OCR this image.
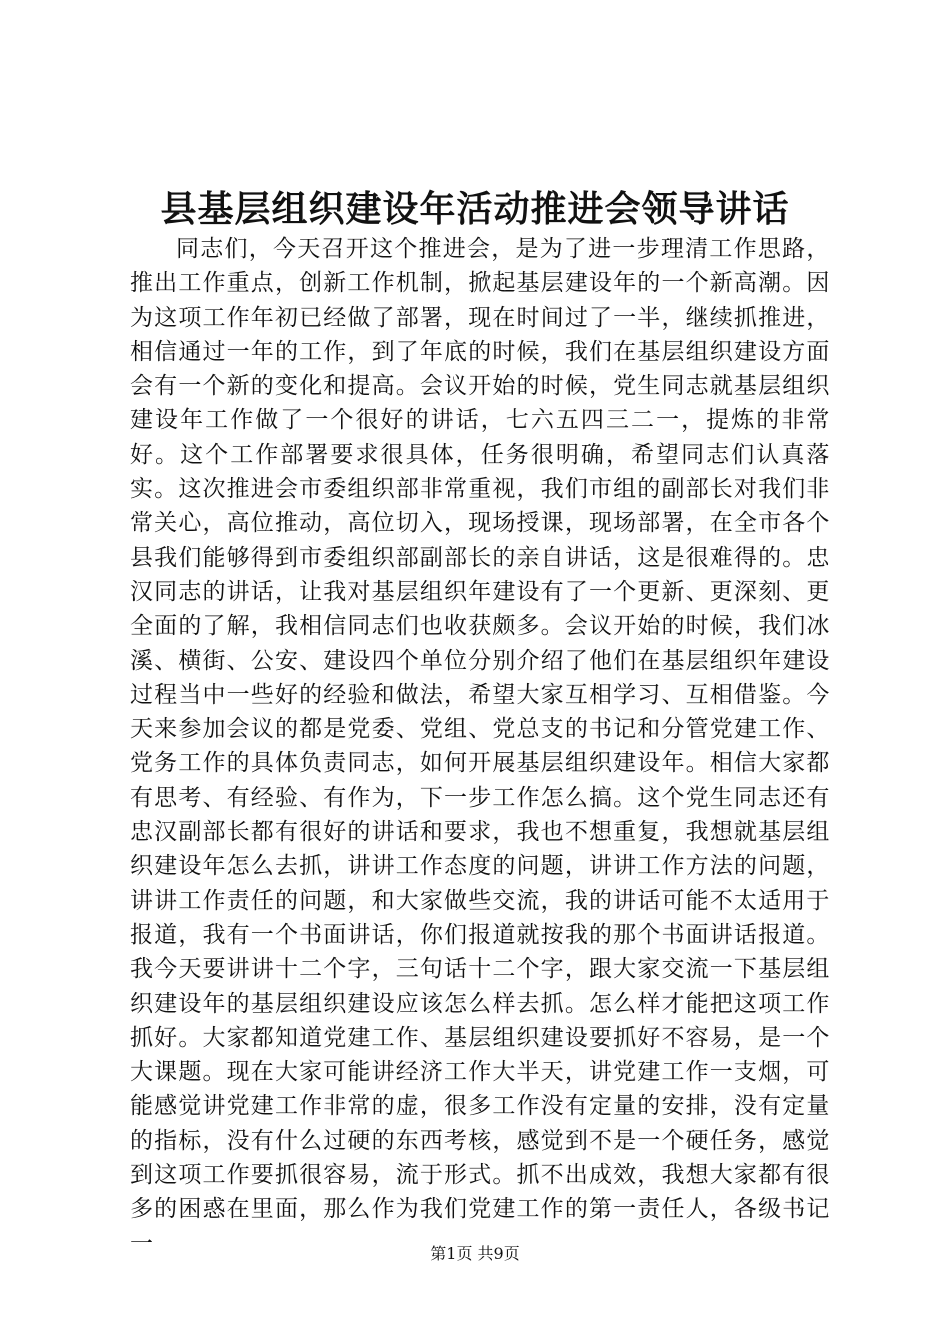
县基层组织建设年活动推进会领导讲话

同志们，今天召开这个推进会，是为了进一步理清工作思路，推出工作重点，创新工作机制，掀起基层建设年的一个新高潮。因为这项工作年初已经做了部署，现在时间过了一半，继续抓推进，相信通过一年的工作，到了年底的时候，我们在基层组织建设方面会有一个新的变化和提高。会议开始的时候，党生同志就基层组织建设年工作做了一个很好的讲话，七六五四三二一，提炼的非常好。这个工作部署要求很具体，任务很明确，希望同志们认真落实。这次推进会市委组织部非常重视，我们市组的副部长对我们非常关心，高位推动，高位切入，现场授课，现场部署，在全市各个县我们能够得到市委组织部副部长的亲自讲话，这是很难得的。忠汉同志的讲话，让我对基层组织年建设有了一个更新、更深刻、更全面的了解，我相信同志们也收获颇多。会议开始的时候，我们冰溪、横街、公安、建设四个单位分别介绍了他们在基层组织年建设过程当中一些好的经验和做法，希望大家互相学习、互相借鉴。今天来参加会议的都是党委、党组、党总支的书记和分管党建工作、党务工作的具体负责同志，如何开展基层组织建设年。相信大家都有思考、有经验、有作为，下一步工作怎么搞。这个党生同志还有忠汉副部长都有很好的讲话和要求，我也不想重复，我想就基层组织建设年怎么去抓，讲讲工作态度的问题，讲讲工作方法的问题，讲讲工作责任的问题，和大家做些交流，我的讲话可能不太适用于报道，我有一个书面讲话，你们报道就按我的那个书面讲话报道。我今天要讲讲十二个字，三句话十二个字，跟大家交流一下基层组织建设年的基层组织建设应该怎么样去抓。怎么样才能把这项工作抓好。大家都知道党建工作、基层组织建设要抓好不容易，是一个大课题。现在大家可能讲经济工作大半天，讲党建工作一支烟，可能感觉讲党建工作非常的虚，很多工作没有定量的安排，没有定量的指标，没有什么过硬的东西考核，感觉到不是一个硬任务，感觉到这项工作要抓很容易，流于形式。抓不出成效，我想大家都有很多的困惑在里面，那么作为我们党建工作的第一责任人，各级书记一	第1页 共9页
